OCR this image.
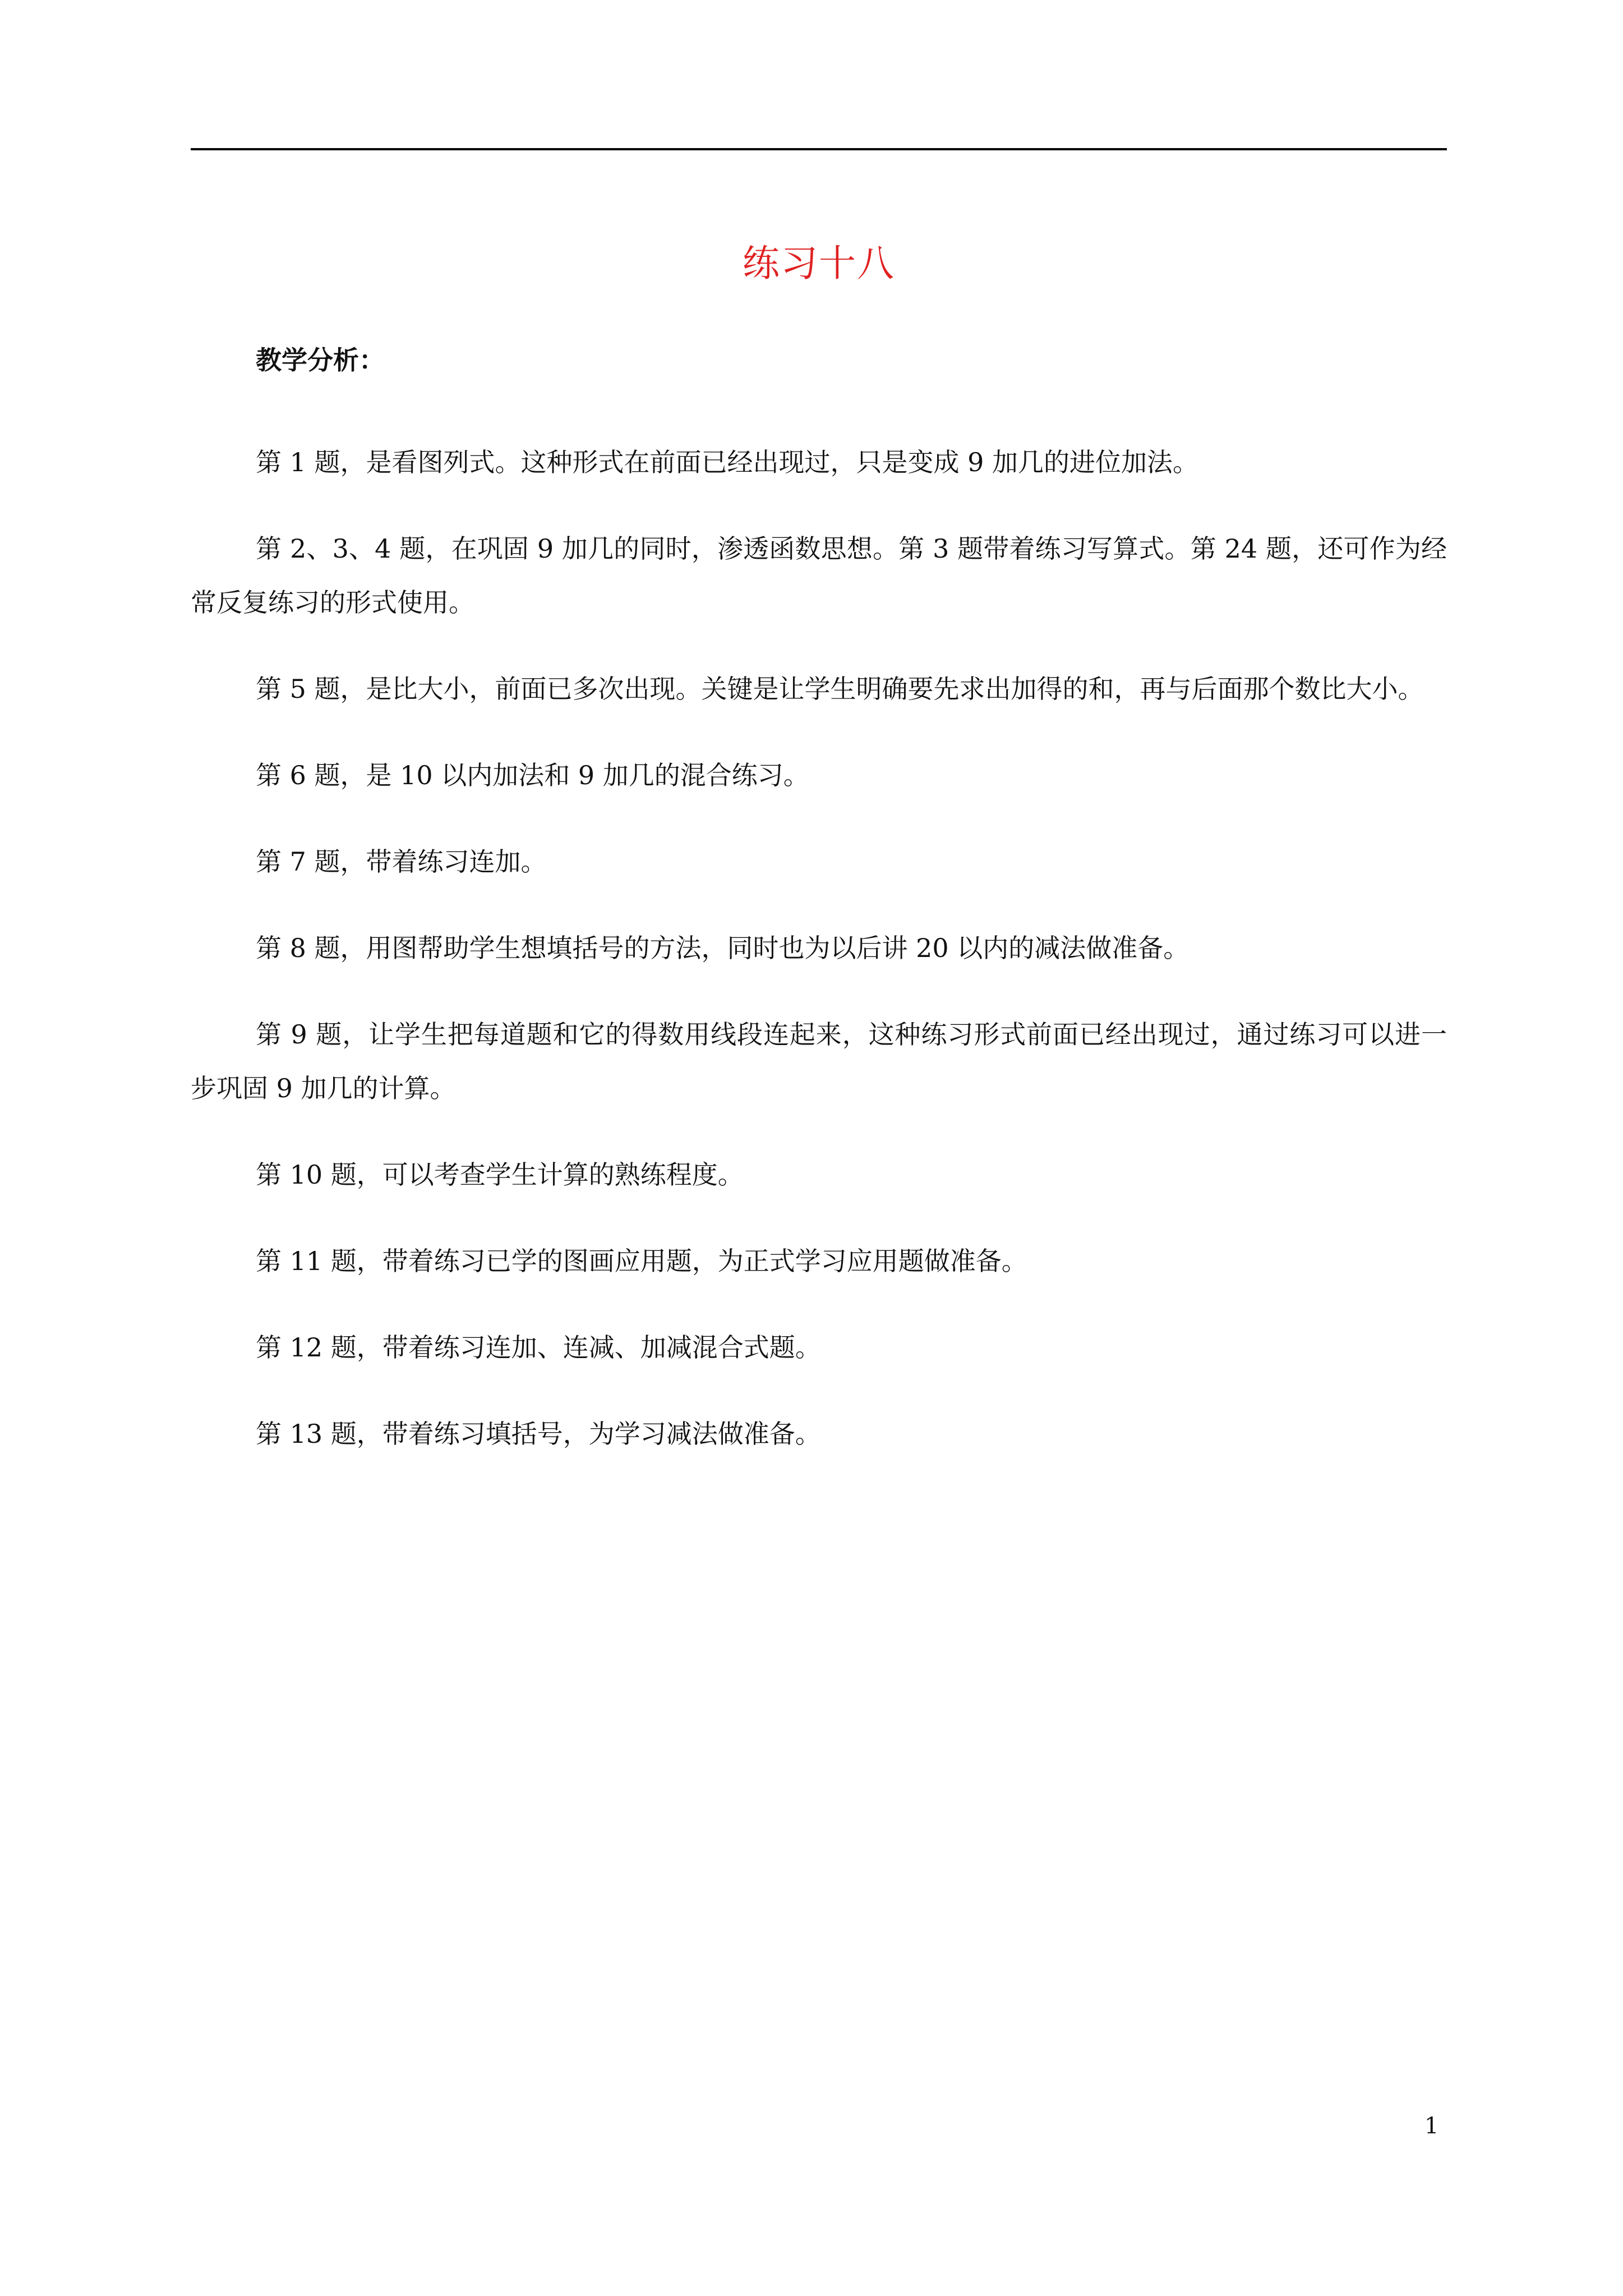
练习十八

教学分析：

第 1 题，是看图列式。这种形式在前面已经出现过，只是变成 9 加几的进位加法。

第 2、3、4 题，在巩固 9 加几的同时，渗透函数思想。第 3 题带着练习写算式。第 24 题，还可作为经常反复练习的形式使用。

第 5 题，是比大小，前面已多次出现。关键是让学生明确要先求出加得的和，再与后面那个数比大小。

第 6 题，是 10 以内加法和 9 加几的混合练习。

第 7 题，带着练习连加。

第 8 题，用图帮助学生想填括号的方法，同时也为以后讲 20 以内的减法做准备。

第 9 题，让学生把每道题和它的得数用线段连起来，这种练习形式前面已经出现过，通过练习可以进一步巩固 9 加几的计算。

第 10 题，可以考查学生计算的熟练程度。

第 11 题，带着练习已学的图画应用题，为正式学习应用题做准备。

第 12 题，带着练习连加、连减、加减混合式题。

第 13 题，带着练习填括号，为学习减法做准备。

1
